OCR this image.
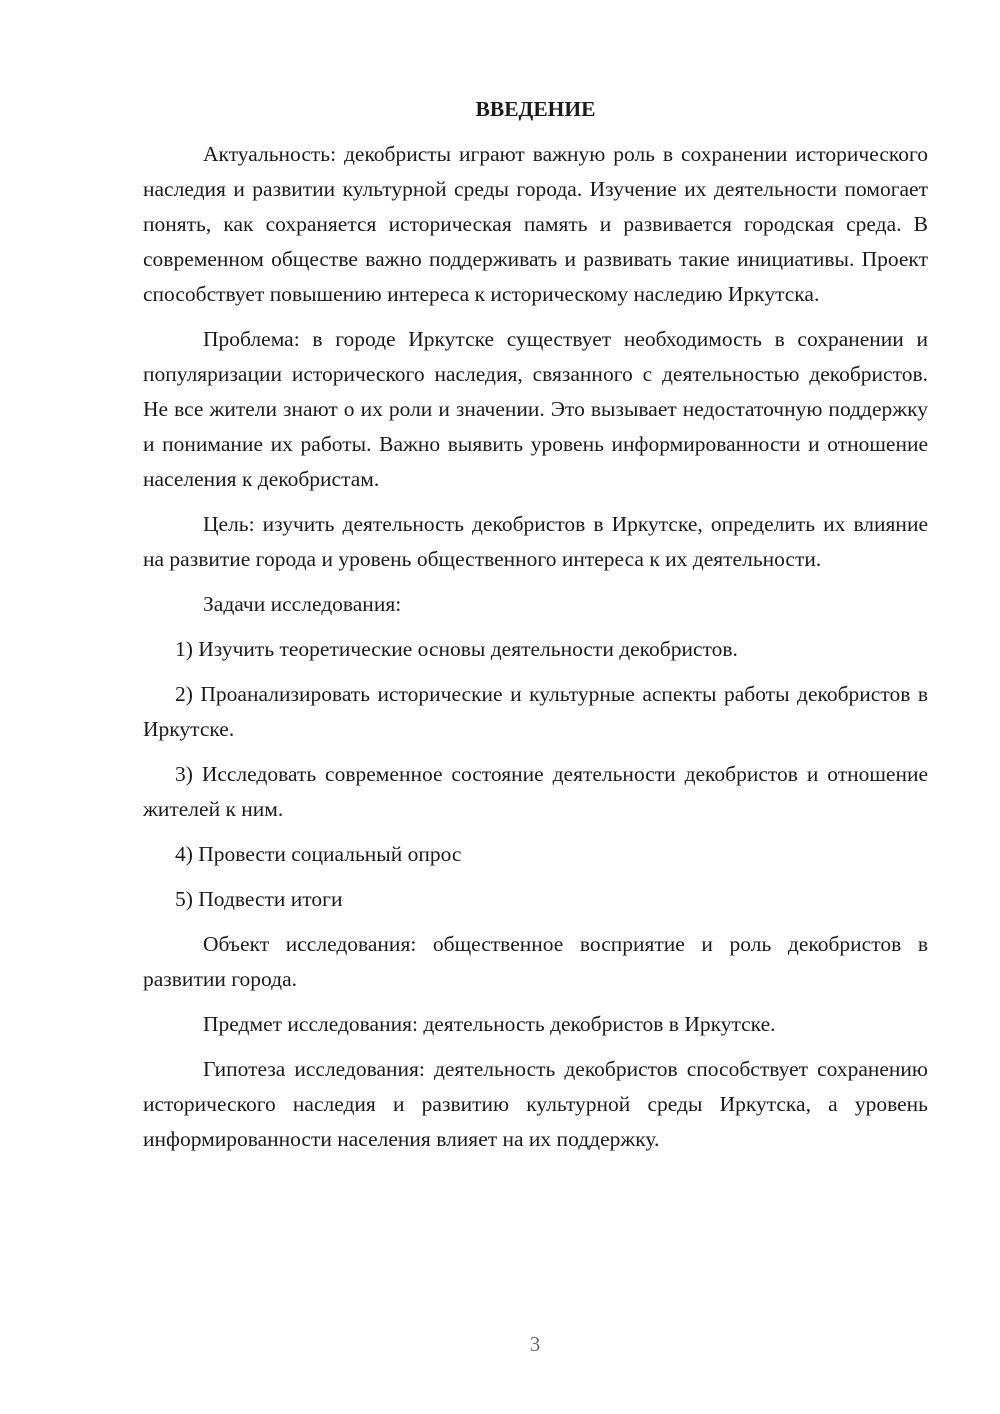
ВВЕДЕНИЕ

Актуальность: декобристы играют важную роль в сохранении исторического наследия и развитии культурной среды города. Изучение их деятельности помогает понять, как сохраняется историческая память и развивается городская среда. В современном обществе важно поддерживать и развивать такие инициативы. Проект способствует повышению интереса к историческому наследию Иркутска.

Проблема: в городе Иркутске существует необходимость в сохранении и популяризации исторического наследия, связанного с деятельностью декобристов. Не все жители знают о их роли и значении. Это вызывает недостаточную поддержку и понимание их работы. Важно выявить уровень информированности и отношение населения к декобристам.

Цель: изучить деятельность декобристов в Иркутске, определить их влияние на развитие города и уровень общественного интереса к их деятельности.

Задачи исследования:

1) Изучить теоретические основы деятельности декобристов.

2) Проанализировать исторические и культурные аспекты работы декобристов в Иркутске.

3) Исследовать современное состояние деятельности декобристов и отношение жителей к ним.

4) Провести социальный опрос

5) Подвести итоги

Объект исследования: общественное восприятие и роль декобристов в развитии города.

Предмет исследования: деятельность декобристов в Иркутске.

Гипотеза исследования: деятельность декобристов способствует сохранению исторического наследия и развитию культурной среды Иркутска, а уровень информированности населения влияет на их поддержку.

3
